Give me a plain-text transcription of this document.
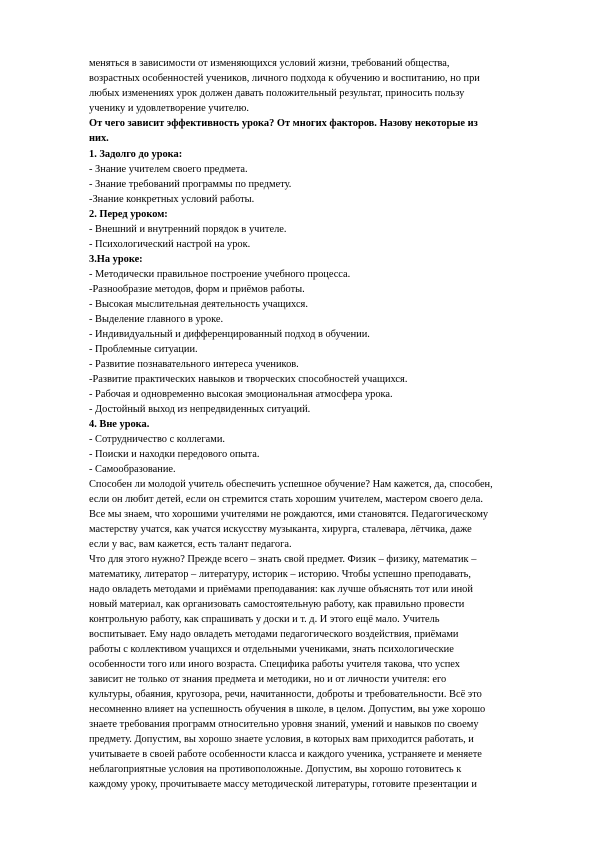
меняться в зависимости от изменяющихся условий жизни, требований общества,
возрастных особенностей учеников, личного подхода к обучению и воспитанию, но при
любых изменениях урок должен давать положительный результат, приносить пользу
ученику и удовлетворение учителю.
От чего зависит эффективность урока? От многих факторов. Назову некоторые из
них.
1. Задолго до урока:
- Знание учителем своего предмета.
- Знание требований программы по предмету.
-Знание конкретных условий работы.
2. Перед уроком:
- Внешний и внутренний порядок в учителе.
- Психологический настрой на урок.
3.На уроке:
- Методически правильное построение учебного процесса.
-Разнообразие методов, форм и приёмов работы.
- Высокая мыслительная деятельность учащихся.
- Выделение главного в уроке.
- Индивидуальный и дифференцированный подход в обучении.
- Проблемные ситуации.
- Развитие познавательного интереса учеников.
-Развитие практических навыков и творческих способностей учащихся.
- Рабочая и одновременно высокая эмоциональная атмосфера урока.
- Достойный выход из непредвиденных ситуаций.
4. Вне урока.
- Сотрудничество с коллегами.
- Поиски и находки передового опыта.
- Самообразование.
Способен ли молодой учитель обеспечить успешное обучение? Нам кажется, да, способен,
если он любит детей, если он стремится стать хорошим учителем, мастером своего дела.
Все мы знаем, что хорошими учителями не рождаются, ими становятся. Педагогическому
мастерству учатся, как учатся искусству музыканта, хирурга, сталевара, лётчика, даже
если у вас, вам кажется, есть талант педагога.
Что для этого нужно? Прежде всего – знать свой предмет. Физик – физику, математик –
математику, литератор – литературу, историк – историю. Чтобы успешно преподавать,
надо овладеть методами и приёмами преподавания: как лучше объяснять тот или иной
новый материал, как организовать самостоятельную работу, как правильно провести
контрольную работу, как спрашивать у доски и т. д. И этого ещё мало. Учитель
воспитывает. Ему надо овладеть методами педагогического воздействия, приёмами
работы с коллективом учащихся и отдельными учениками, знать психологические
особенности того или иного возраста. Специфика работы учителя такова, что успех
зависит не только от знания предмета и методики, но и от личности учителя: его
культуры, обаяния, кругозора, речи, начитанности, доброты и требовательности. Всё это
несомненно влияет на успешность обучения в школе, в целом. Допустим, вы уже хорошо
знаете требования программ относительно уровня знаний, умений и навыков по своему
предмету. Допустим, вы хорошо знаете условия, в которых вам приходится работать, и
учитываете в своей работе особенности класса и каждого ученика, устраняете и меняете
неблагоприятные условия на противоположные. Допустим, вы хорошо готовитесь к
каждому уроку, прочитываете массу методической литературы, готовите презентации и
